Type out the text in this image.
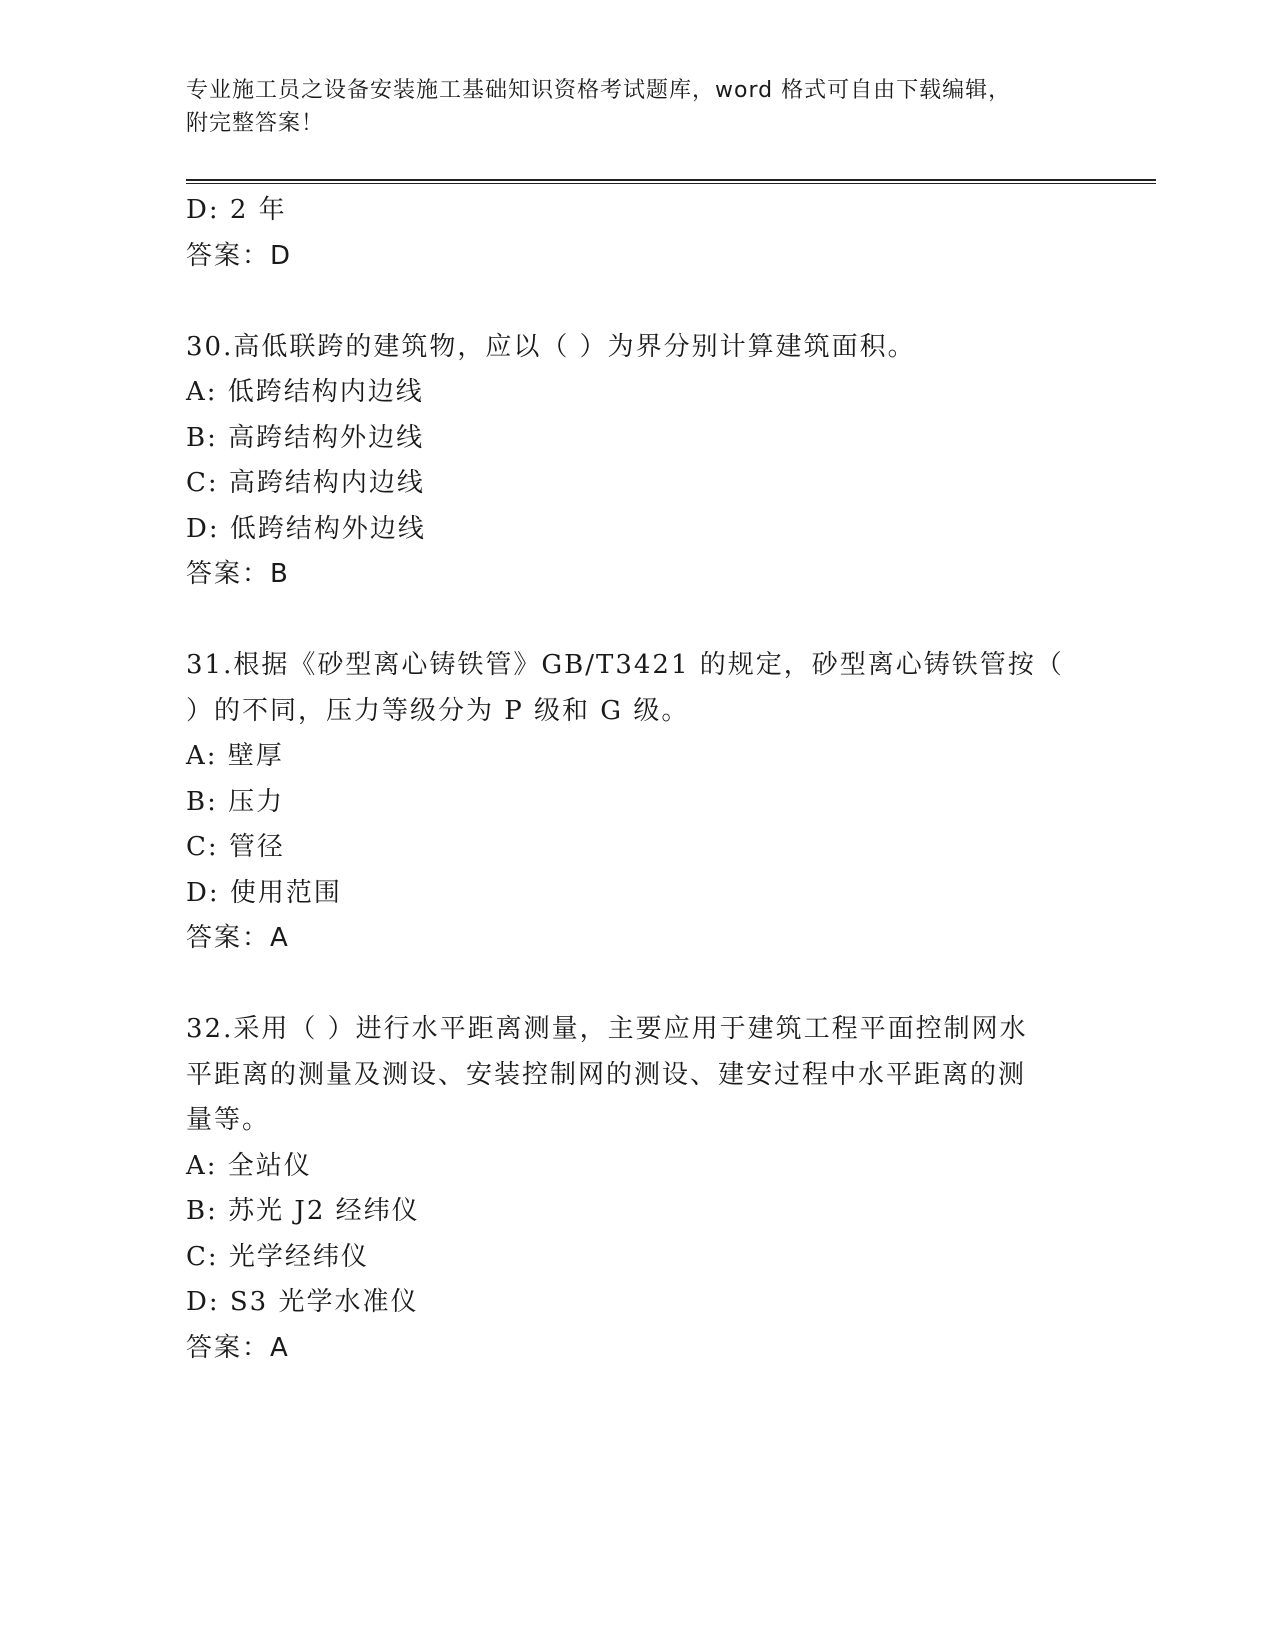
专业施工员之设备安装施工基础知识资格考试题库，word 格式可自由下载编辑，
附完整答案！
D: 2 年
答案：D
30.高低联跨的建筑物，应以（ ）为界分别计算建筑面积。
A: 低跨结构内边线
B: 高跨结构外边线
C: 高跨结构内边线
D: 低跨结构外边线
答案：B
31.根据《砂型离心铸铁管》GB/T3421 的规定，砂型离心铸铁管按（
）的不同，压力等级分为 P 级和 G 级。
A: 壁厚
B: 压力
C: 管径
D: 使用范围
答案：A
32.采用（ ）进行水平距离测量，主要应用于建筑工程平面控制网水
平距离的测量及测设、安装控制网的测设、建安过程中水平距离的测
量等。
A: 全站仪
B: 苏光 J2 经纬仪
C: 光学经纬仪
D: S3 光学水准仪
答案：A
